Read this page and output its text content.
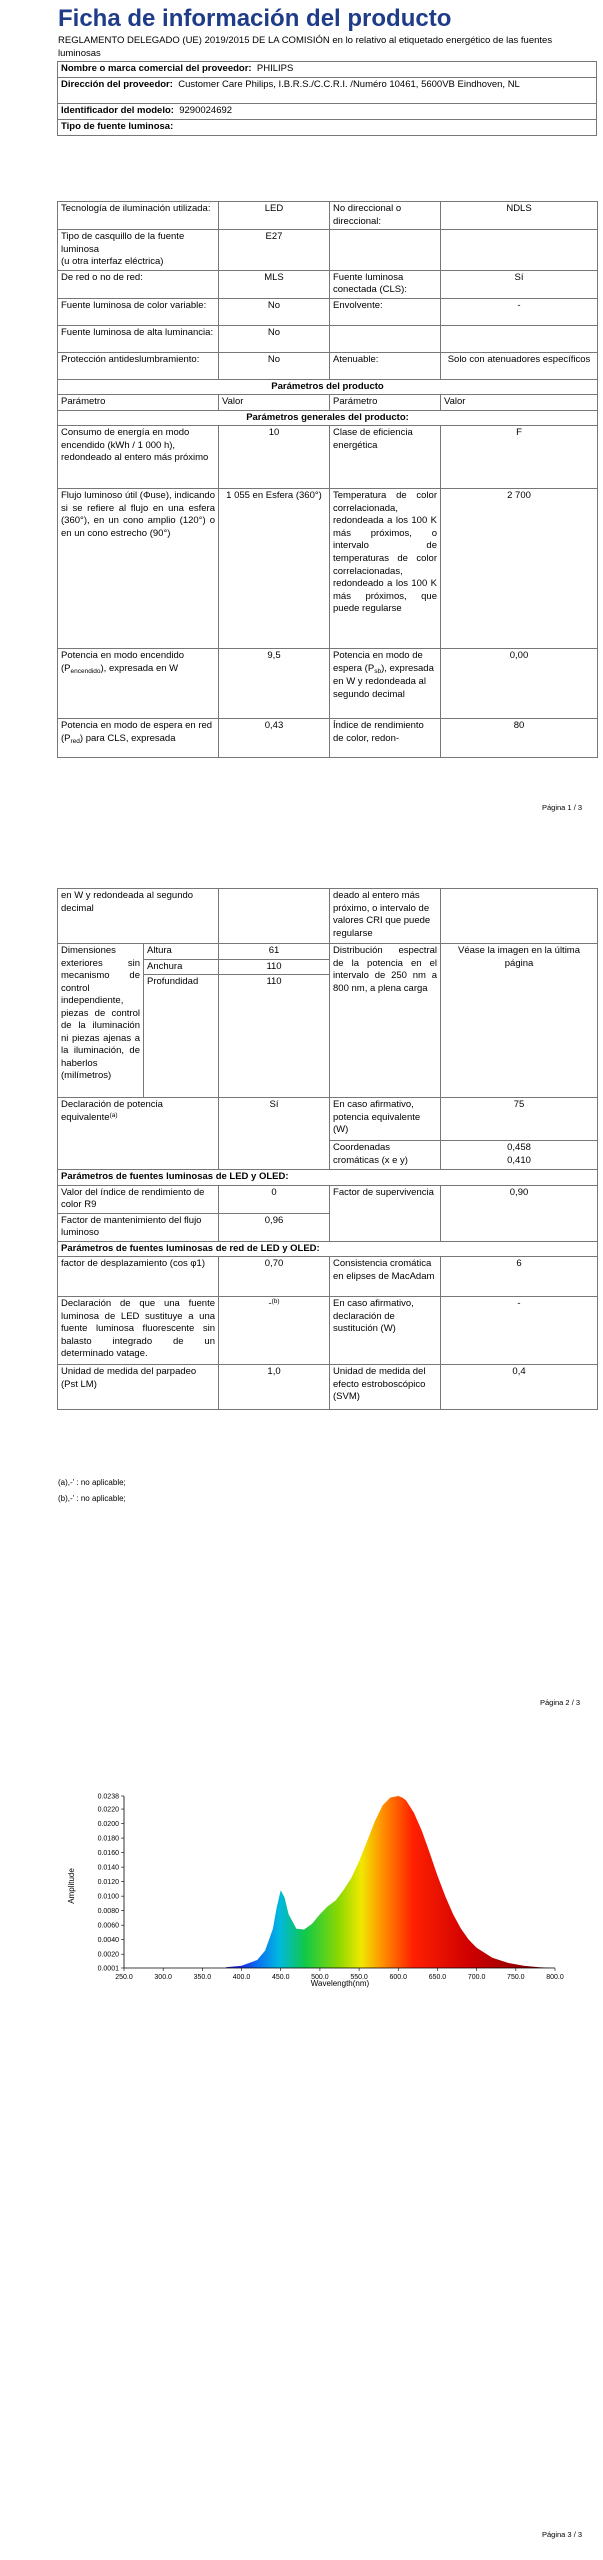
Ficha de información del producto
REGLAMENTO DELEGADO (UE) 2019/2015 DE LA COMISIÓN en lo relativo al etiquetado energético de las fuentes luminosas
Nombre o marca comercial del proveedor: PHILIPS
Dirección del proveedor: Customer Care Philips, I.B.R.S./C.C.R.I. /Numéro 10461, 5600VB Eindhoven, NL
Identificador del modelo: 9290024692
Tipo de fuente luminosa:
Tecnología de iluminación utilizada:	LED	No direccional o direccional:	NDLS
Tipo de casquillo de la fuente luminosa
(u otra interfaz eléctrica)	E27		
De red o no de red:	MLS	Fuente luminosa conectada (CLS):	Sí
Fuente luminosa de color variable:	No	Envolvente:	-
Fuente luminosa de alta luminancia:	No		
Protección antideslumbramiento:	No	Atenuable:	Solo con atenuadores específicos
Parámetros del producto			
Parámetro	Valor	Parámetro	Valor
Parámetros generales del producto:			
Consumo de energía en modo encendido (kWh / 1 000 h), redondeado al entero más próximo	10	Clase de eficiencia energética	F
Flujo luminoso útil (Φuse), indicando si se refiere al flujo en una esfera (360°), en un cono amplio (120°) o en un cono estrecho (90°)	1 055 en Esfera (360°)	Temperatura de color correlacionada, redondeada a los 100 K más próximos, o intervalo de temperaturas de color correlacionadas, redondeado a los 100 K más próximos, que puede regularse	2 700
Potencia en modo encendido $(P_{encendido})$, expresada en W	9,5	Potencia en modo de espera $(P_{sb})$, expresada en W y redondeada al segundo decimal	0,00

Potencia en modo de espera en red $(P_{red})$ para CLS, expresada	0,43	Índice de rendimiento de color, redon-	80
Página 1 / 3
en W y redondeada al segundo decimal			deado al entero más próximo, o intervalo de valores CRI que puede regularse	
Dimensiones exteriores sin mecanismo de control independiente, piezas de control de la iluminación ni piezas ajenas a la iluminación, de haberlos (milímetros)	Altura	61	Distribución espectral de la potencia en el intervalo de 250 nm a 800 nm, a plena carga	Véase la imagen en la última página
	Anchura	110		
	Profundidad	110		

Declaración de potencia equivalente$^{(a)}$		Sí	En caso afirmativo, potencia equivalente (W)	75
			Coordenadas cromáticas (x e y)	0,458
0,410

Parámetros de fuentes luminosas de LED y OLED:				
Valor del índice de rendimiento de color R9		0	Factor de supervivencia	0,90
Factor de mantenimiento del flujo luminoso		0,96		
Parámetros de fuentes luminosas de red de LED y OLED:				
factor de desplazamiento (cos φ1)		0,70	Consistencia cromática en elipses de MacAdam	6
Declaración de que una fuente luminosa de LED sustituye a una fuente luminosa fluorescente sin balasto integrado de un determinado vatage.		-$^{(b)}$	En caso afirmativo, declaración de sustitución (W)	-
Unidad de medida del parpadeo (Pst LM)		1,0	Unidad de medida del efecto estroboscópico (SVM)	0,4
(a),-' : no aplicable;
(b),-' : no aplicable;
Página 2 / 3
0.0001
0.0020
0.0040
0.0060
0.0080
0.0100
0.0120
0.0140
0.0160
0.0180
0.0200
0.0220
0.0238
250.0	300.0	350.0	400.0	450.0	500.0	550.0	600.0	650.0	700.0	750.0	800.0
Amplitude
Wavelength(nm)
Página 3 / 3
